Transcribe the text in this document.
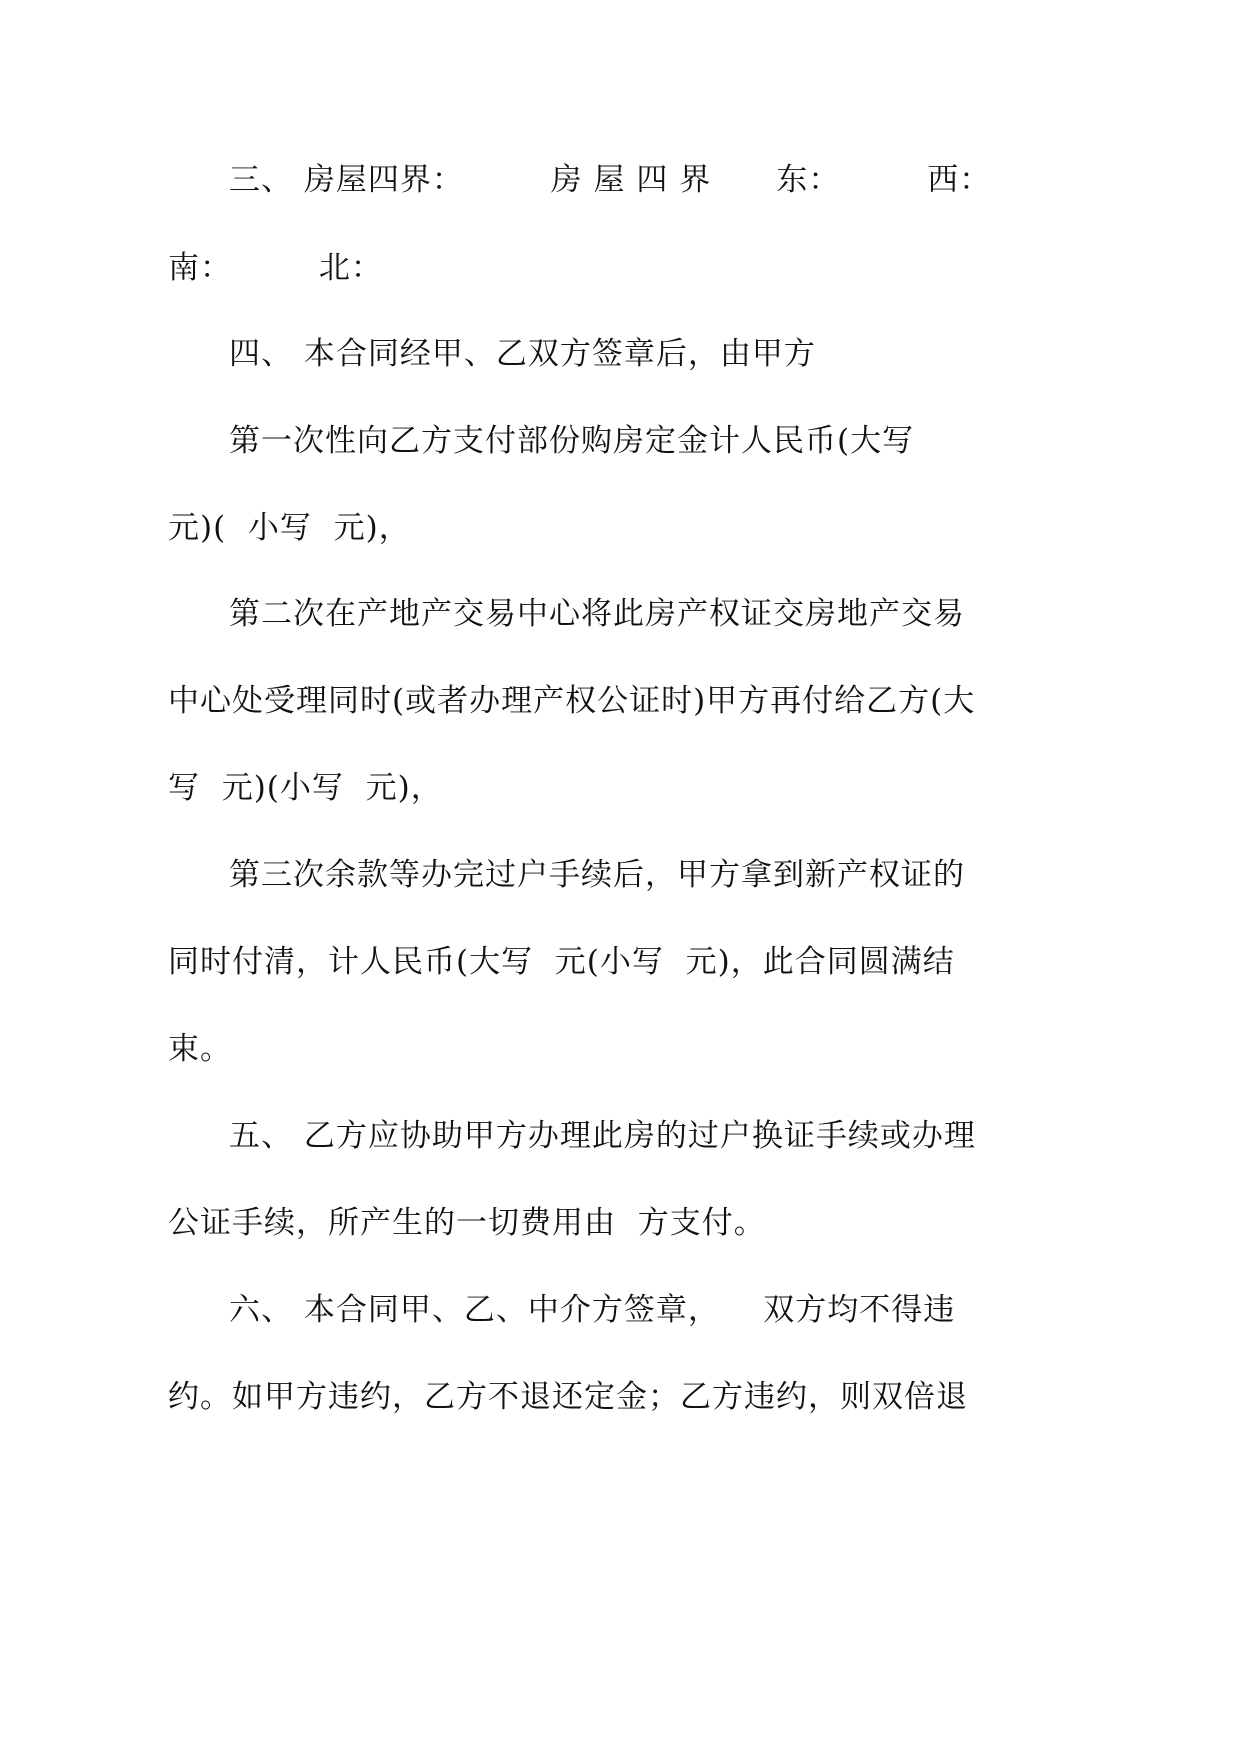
三、 房屋四界：        房 屋 四 界      东：        西：
南：        北：
四、 本合同经甲、乙双方签章后，由甲方
第一次性向乙方支付部份购房定金计人民币(大写
元)(  小写  元)，
第二次在产地产交易中心将此房产权证交房地产交易
中心处受理同时(或者办理产权公证时)甲方再付给乙方(大
写  元)(小写  元)，
第三次余款等办完过户手续后，甲方拿到新产权证的
同时付清，计人民币(大写  元(小写  元)，此合同圆满结
束。
五、 乙方应协助甲方办理此房的过户换证手续或办理
公证手续，所产生的一切费用由  方支付。
六、 本合同甲、乙、中介方签章，    双方均不得违
约。如甲方违约，乙方不退还定金；乙方违约，则双倍退
